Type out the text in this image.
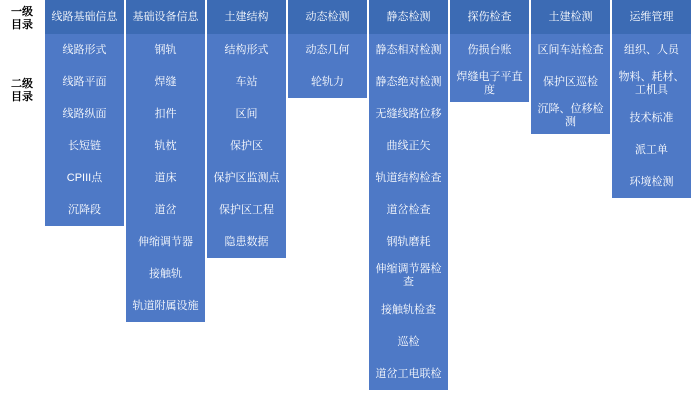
一级
目录
二级
目录
线路基础信息
线路形式
线路平面
线路纵面
长短链
CPIII点
沉降段
基础设备信息
钢轨
焊缝
扣件
轨枕
道床
道岔
伸缩调节器
接触轨
轨道附属设施
土建结构
结构形式
车站
区间
保护区
保护区监测点
保护区工程
隐患数据
动态检测
动态几何
轮轨力
静态检测
静态相对检测
静态绝对检测
无缝线路位移
曲线正矢
轨道结构检查
道岔检查
钢轨磨耗
伸缩调节器检查
接触轨检查
巡检
道岔工电联检
探伤检查
伤损台账
焊缝电子平直度
土建检测
区间车站检查
保护区巡检
沉降、位移检测
运维管理
组织、人员
物料、耗材、工机具
技术标准
派工单
环境检测
